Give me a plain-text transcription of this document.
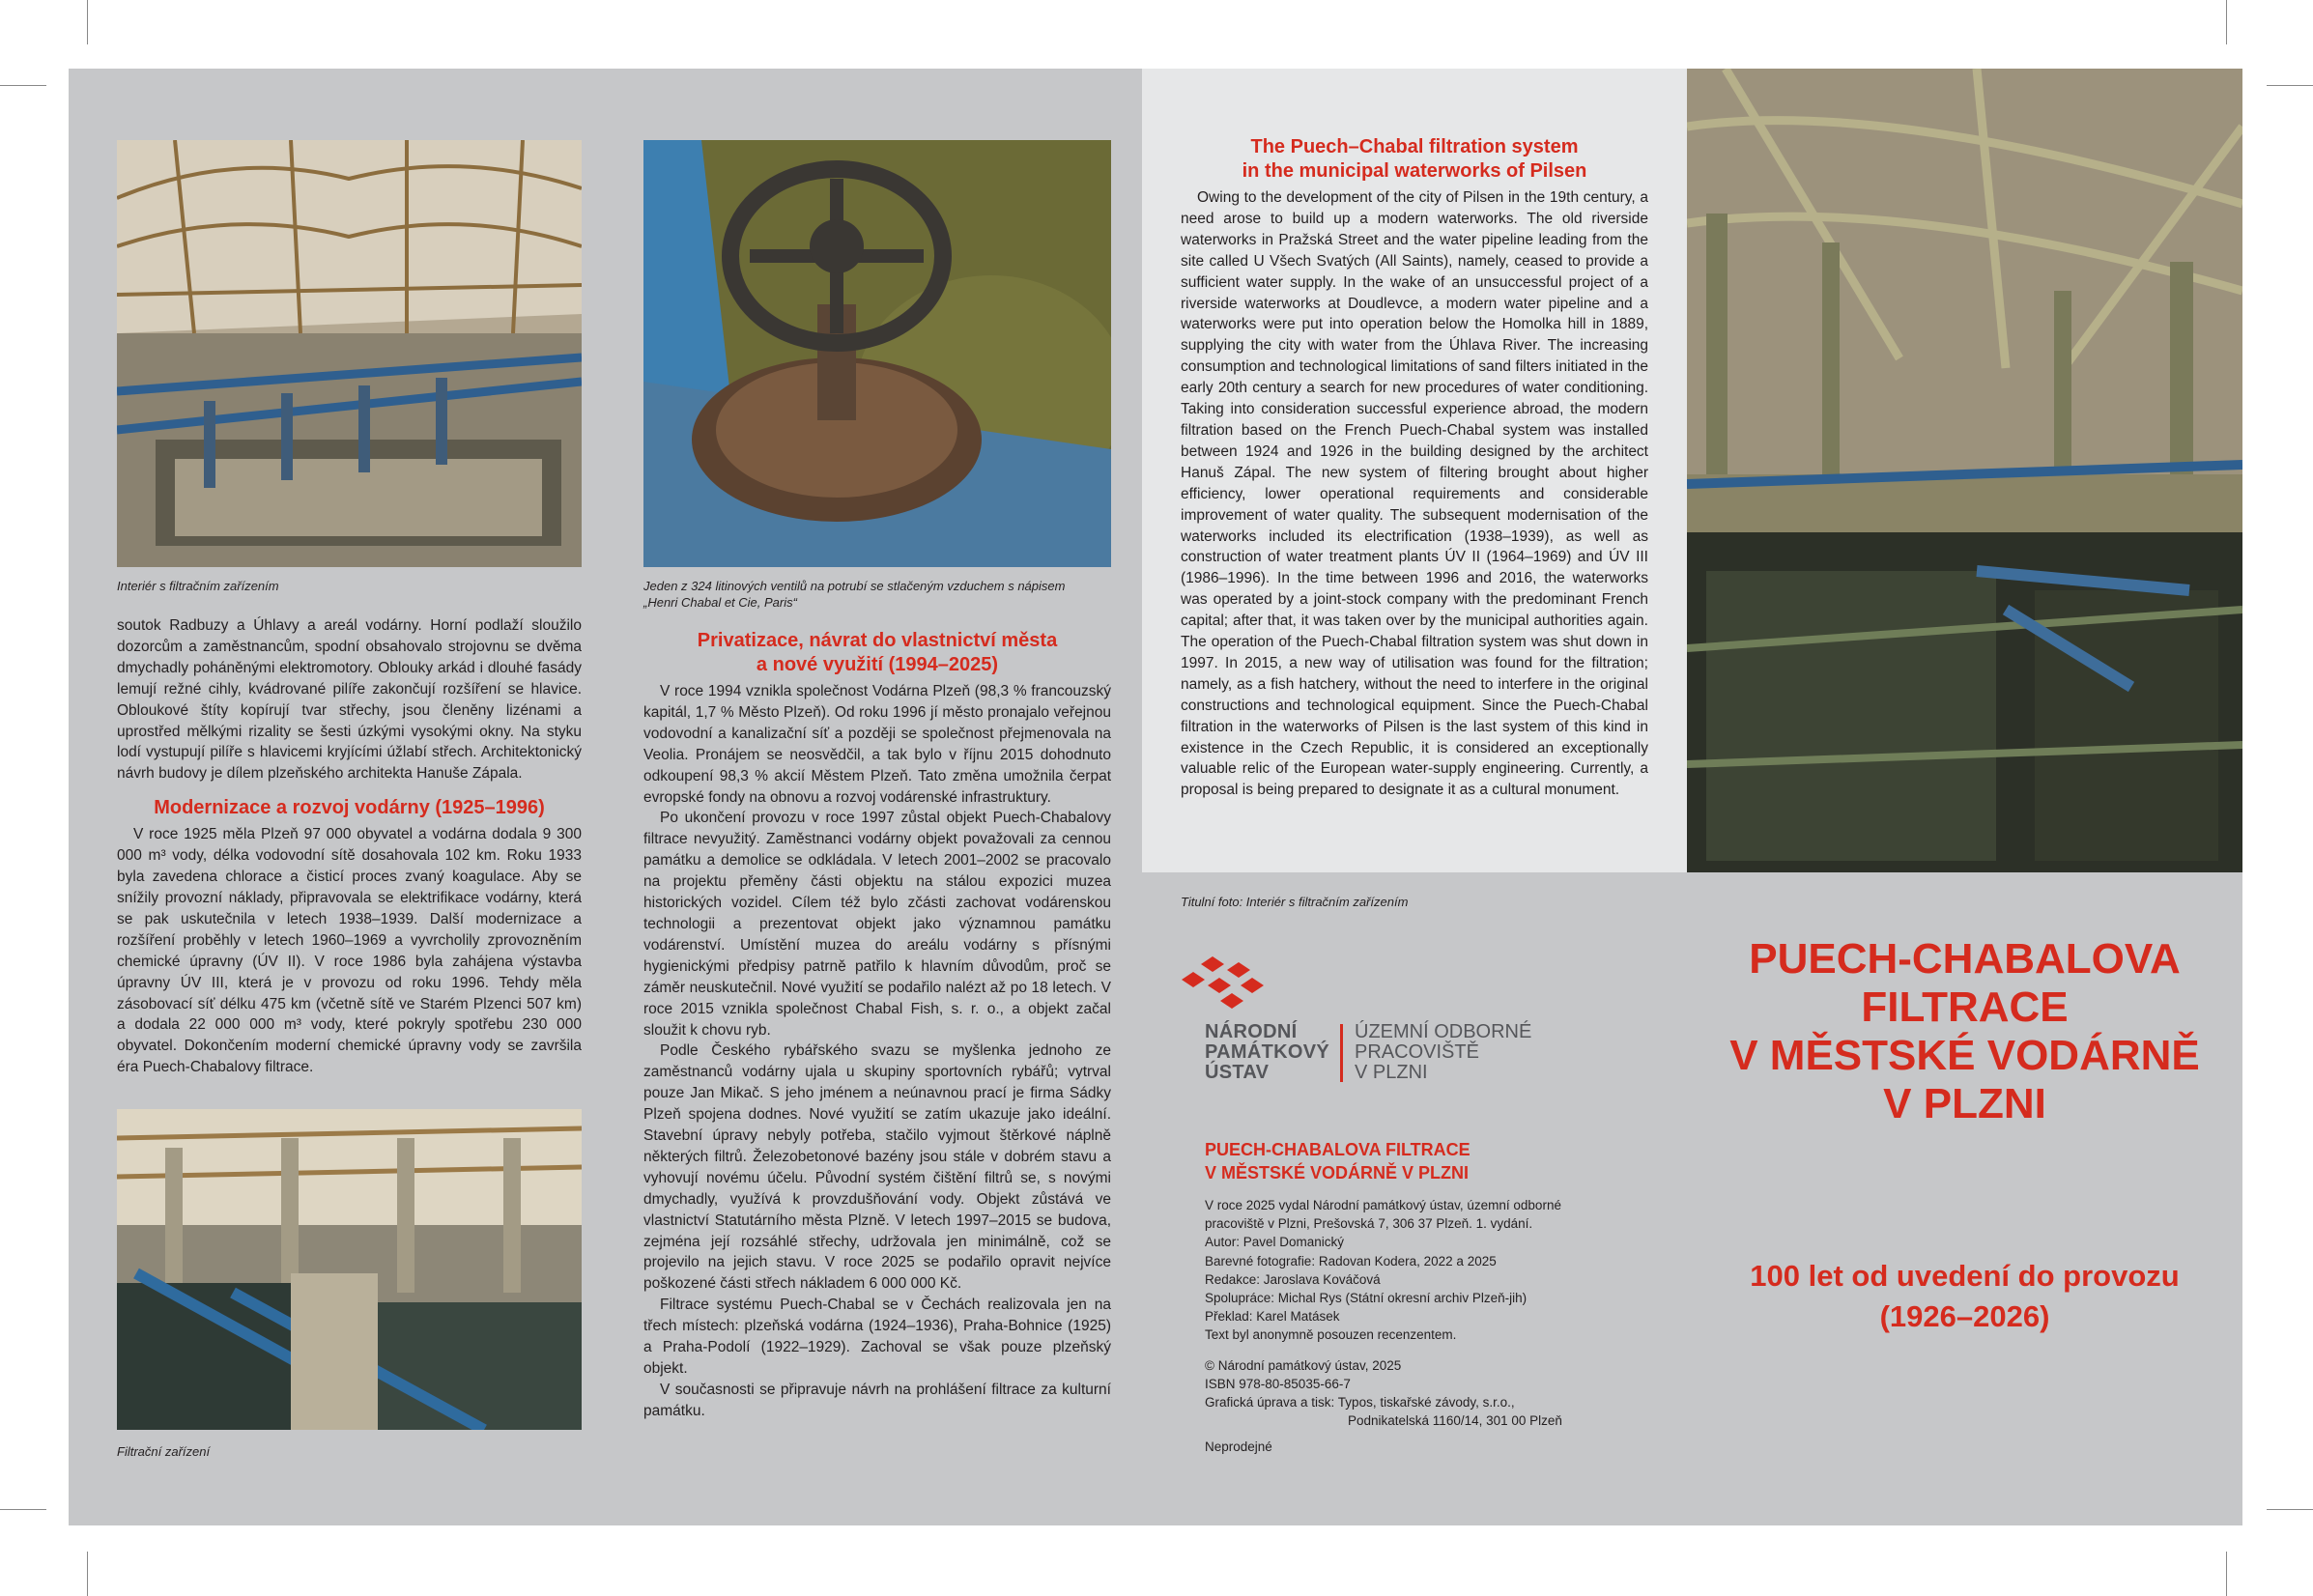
Interiér s filtračním zařízením	Jeden z 324 litinových ventilů na potrubí se stlačeným vzduchem s nápisem
„Henri Chabal et Cie, Paris“
Filtrační zařízení

soutok Radbuzy a Úhlavy a areál vodárny. Horní podlaží sloužilo dozorcům a zaměstnancům, spodní obsahovalo strojovnu se dvěma dmychadly poháněnými elektromotory. Oblouky arkád i dlouhé fasády lemují režné cihly, kvádrované pilíře zakončují rozšíření se hlavice. Obloukové štíty kopírují tvar střechy, jsou členěny lizénami a uprostřed mělkými rizality se šesti úzkými vysokými okny. Na styku lodí vystupují pilíře s hlavicemi kryjícími úžlabí střech. Architektonický návrh budovy je dílem plzeňského architekta Hanuše Zápala.

Modernizace a rozvoj vodárny (1925–1996)

V roce 1925 měla Plzeň 97 000 obyvatel a vodárna dodala 9 300 000 m³ vody, délka vodovodní sítě dosahovala 102 km. Roku 1933 byla zavedena chlorace a čisticí proces zvaný koagulace. Aby se snížily provozní náklady, připravovala se elektrifikace vodárny, která se pak uskutečnila v letech 1938–1939. Další modernizace a rozšíření proběhly v letech 1960–1969 a vyvrcholily zprovozněním chemické úpravny (ÚV II). V roce 1986 byla zahájena výstavba úpravny ÚV III, která je v provozu od roku 1996. Tehdy měla zásobovací síť délku 475 km (včetně sítě ve Starém Plzenci 507 km) a dodala 22 000 000 m³ vody, které pokryly spotřebu 230 000 obyvatel. Dokončením moderní chemické úpravny vody se završila éra Puech-Chabalovy filtrace.

Privatizace, návrat do vlastnictví města
a nové využití (1994–2025)

V roce 1994 vznikla společnost Vodárna Plzeň (98,3 % francouzský kapitál, 1,7 % Město Plzeň). Od roku 1996 jí město pronajalo veřejnou vodovodní a kanalizační síť a později se společnost přejmenovala na Veolia. Pronájem se neosvědčil, a tak bylo v říjnu 2015 dohodnuto odkoupení 98,3 % akcií Městem Plzeň. Tato změna umožnila čerpat evropské fondy na obnovu a rozvoj vodárenské infrastruktury.

Po ukončení provozu v roce 1997 zůstal objekt Puech-Chabalovy filtrace nevyužitý. Zaměstnanci vodárny objekt považovali za cennou památku a demolice se odkládala. V letech 2001–2002 se pracovalo na projektu přeměny části objektu na stálou expozici muzea historických vozidel. Cílem též bylo zčásti zachovat vodárenskou technologii a prezentovat objekt jako významnou památku vodárenství. Umístění muzea do areálu vodárny s přísnými hygienickými předpisy patrně patřilo k hlavním důvodům, proč se záměr neuskutečnil. Nové využití se podařilo nalézt až po 18 letech. V roce 2015 vznikla společnost Chabal Fish, s. r. o., a objekt začal sloužit k chovu ryb.

Podle Českého rybářského svazu se myšlenka jednoho ze zaměstnanců vodárny ujala u skupiny sportovních rybářů; vytrval pouze Jan Mikač. S jeho jménem a neúnavnou prací je firma Sádky Plzeň spojena dodnes. Nové využití se zatím ukazuje jako ideální. Stavební úpravy nebyly potřeba, stačilo vyjmout štěrkové náplně některých filtrů. Železobetonové bazény jsou stále v dobrém stavu a vyhovují novému účelu. Původní systém čištění filtrů se, s novými dmychadly, využívá k provzdušňování vody. Objekt zůstává ve vlastnictví Statutárního města Plzně. V letech 1997–2015 se budova, zejména její rozsáhlé střechy, udržovala jen minimálně, což se projevilo na jejich stavu. V roce 2025 se podařilo opravit nejvíce poškozené části střech nákladem 6 000 000 Kč.

Filtrace systému Puech-Chabal se v Čechách realizovala jen na třech místech: plzeňská vodárna (1924–1936), Praha-Bohnice (1925) a Praha-Podolí (1922–1929). Zachoval se však pouze plzeňský objekt.

V současnosti se připravuje návrh na prohlášení filtrace za kulturní památku.

The Puech–Chabal filtration system
in the municipal waterworks of Pilsen

Owing to the development of the city of Pilsen in the 19th century, a need arose to build up a modern waterworks. The old riverside waterworks in Pražská Street and the water pipeline leading from the site called U Všech Svatých (All Saints), namely, ceased to provide a sufficient water supply. In the wake of an unsuccessful project of a riverside waterworks at Doudlevce, a modern water pipeline and a waterworks were put into operation below the Homolka hill in 1889, supplying the city with water from the Úhlava River. The increasing consumption and technological limitations of sand filters initiated in the early 20th century a search for new procedures of water conditioning. Taking into consideration successful experience abroad, the modern filtration based on the French Puech-Chabal system was installed between 1924 and 1926 in the building designed by the architect Hanuš Zápal. The new system of filtering brought about higher efficiency, lower operational requirements and considerable improvement of water quality. The subsequent modernisation of the waterworks included its electrification (1938–1939), as well as construction of water treatment plants ÚV II (1964–1969) and ÚV III (1986–1996). In the time between 1996 and 2016, the waterworks was operated by a joint-stock company with the predominant French capital; after that, it was taken over by the municipal authorities again. The operation of the Puech-Chabal filtration system was shut down in 1997. In 2015, a new way of utilisation was found for the filtration; namely, as a fish hatchery, without the need to interfere in the original constructions and technological equipment. Since the Puech-Chabal filtration in the waterworks of Pilsen is the last system of this kind in existence in the Czech Republic, it is considered an exceptionally valuable relic of the European water-supply engineering. Currently, a proposal is being prepared to designate it as a cultural monument.

Titulní foto: Interiér s filtračním zařízením
NÁRODNÍ
PAMÁTKOVÝ
ÚSTAV
ÚZEMNÍ ODBORNÉ
PRACOVIŠTĚ
V PLZNI
PUECH-CHABALOVA FILTRACE
V MĚSTSKÉ VODÁRNĚ V PLZNI
V roce 2025 vydal Národní památkový ústav, územní odborné
pracoviště v Plzni, Prešovská 7, 306 37 Plzeň. 1. vydání.
Autor: Pavel Domanický
Barevné fotografie: Radovan Kodera, 2022 a 2025
Redakce: Jaroslava Kováčová
Spolupráce: Michal Rys (Státní okresní archiv Plzeň-jih)
Překlad: Karel Matásek
Text byl anonymně posouzen recenzentem.
© Národní památkový ústav, 2025
ISBN 978-80-85035-66-7
Grafická úprava a tisk: Typos, tiskařské závody, s.r.o.,
Podnikatelská 1160/14, 301 00 Plzeň
Neprodejné
PUECH-CHABALOVA
FILTRACE
V MĚSTSKÉ VODÁRNĚ
V PLZNI
100 let od uvedení do provozu
(1926–2026)
